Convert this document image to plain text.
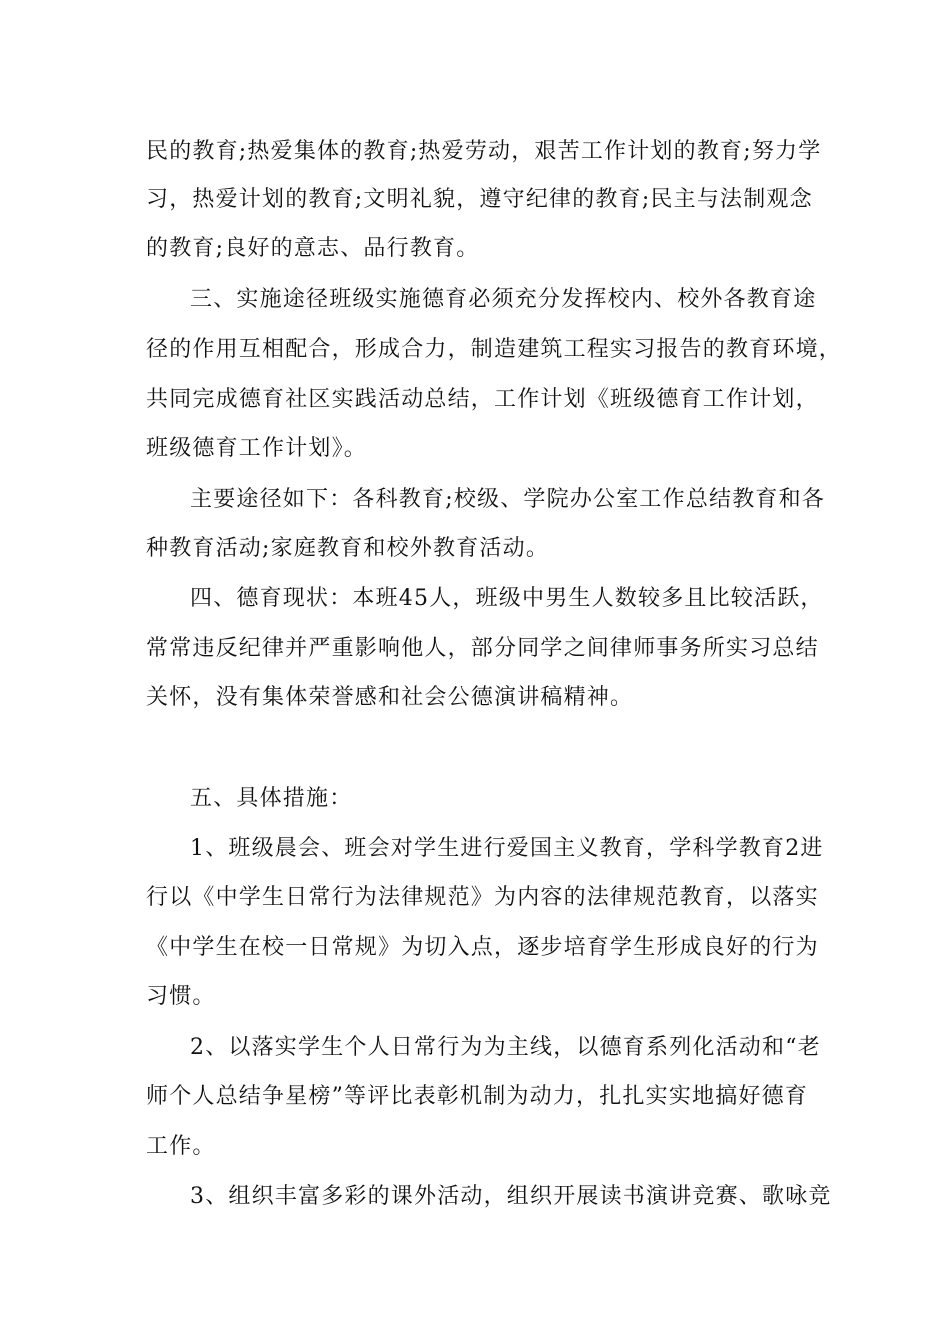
民的教育;热爱集体的教育;热爱劳动，艰苦工作计划的教育;努力学
习，热爱计划的教育;文明礼貌，遵守纪律的教育;民主与法制观念
的教育;良好的意志、品行教育。
三、实施途径班级实施德育必须充分发挥校内、校外各教育途
径的作用互相配合，形成合力，制造建筑工程实习报告的教育环境，
共同完成德育社区实践活动总结，工作计划《班级德育工作计划，
班级德育工作计划》。
主要途径如下：各科教育;校级、学院办公室工作总结教育和各
种教育活动;家庭教育和校外教育活动。
四、德育现状：本班45人，班级中男生人数较多且比较活跃，
常常违反纪律并严重影响他人，部分同学之间律师事务所实习总结
关怀，没有集体荣誉感和社会公德演讲稿精神。
五、具体措施：
1、班级晨会、班会对学生进行爱国主义教育，学科学教育2进
行以《中学生日常行为法律规范》为内容的法律规范教育，以落实
《中学生在校一日常规》为切入点，逐步培育学生形成良好的行为
习惯。
2、以落实学生个人日常行为为主线，以德育系列化活动和“老
师个人总结争星榜”等评比表彰机制为动力，扎扎实实地搞好德育
工作。
3、组织丰富多彩的课外活动，组织开展读书演讲竞赛、歌咏竞
